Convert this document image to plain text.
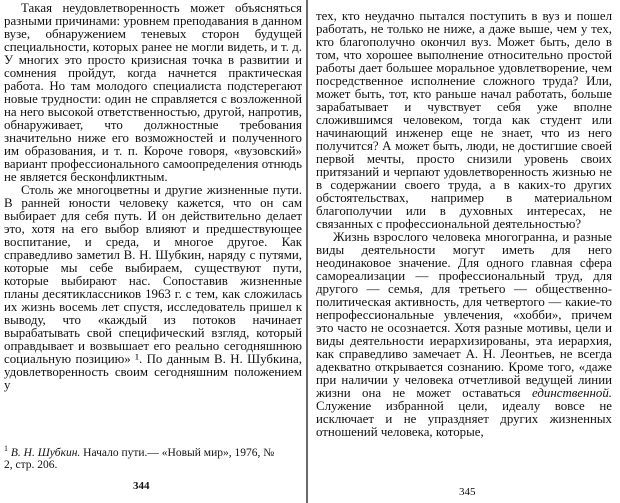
Такая неудовлетворенность может объясняться разными причинами: уровнем преподавания в данном вузе, обнаружением теневых сторон будущей специальности, которых ранее не могли видеть, и т. д. У многих это просто кризисная точка в развитии и сомнения пройдут, когда начнется практическая работа. Но там молодого специалиста подстерегают новые трудности: один не справляется с возложенной на него высокой ответственностью, другой, напротив, обнаруживает, что должностные требования значительно ниже его возможностей и полученного им образования, и т. п. Короче говоря, «вузовский» вариант профессионального самоопределения отнюдь не является бесконфликтным.

Столь же многоцветны и другие жизненные пути. В ранней юности человеку кажется, что он сам выбирает для себя путь. И он действительно делает это, хотя на его выбор влияют и предшествующее воспитание, и среда, и многое другое. Как справедливо заметил В. Н. Шубкин, наряду с путями, которые мы себе выбираем, существуют пути, которые выбирают нас. Сопоставив жизненные планы десятиклассников 1963 г. с тем, как сложилась их жизнь восемь лет спустя, исследователь пришел к выводу, что «каждый из потоков начинает вырабатывать свой специфический взгляд, который оправдывает и возвышает его реально сегодняшнюю социальную позицию» ¹. По данным В. Н. Шубкина, удовлетворенность своим сегодняшним положением у

$^1$ В. Н. Шубкин. Начало пути.— «Новый мир», 1976, № 2, стр. 206.
344

тех, кто неудачно пытался поступить в вуз и пошел работать, не только не ниже, а даже выше, чем у тех, кто благополучно окончил вуз. Может быть, дело в том, что хорошее выполнение относительно простой работы дает большее моральное удовлетворение, чем посредственное исполнение сложного труда? Или, может быть, тот, кто раньше начал работать, больше зарабатывает и чувствует себя уже вполне сложившимся человеком, тогда как студент или начинающий инженер еще не знает, что из него получится? А может быть, люди, не достигшие своей первой мечты, просто снизили уровень своих притязаний и черпают удовлетворенность жизнью не в содержании своего труда, а в каких-то других обстоятельствах, например в материальном благополучии или в духовных интересах, не связанных с профессиональной деятельностью?

Жизнь взрослого человека многогранна, и разные виды деятельности могут иметь для него неодинаковое значение. Для одного главная сфера самореализации — профессиональный труд, для другого — семья, для третьего — общественно-политическая активность, для четвертого — какие-то непрофессиональные увлечения, «хобби», причем это часто не осознается. Хотя разные мотивы, цели и виды деятельности иерархизированы, эта иерархия, как справедливо замечает А. Н. Леонтьев, не всегда адекватно открывается сознанию. Кроме того, «даже при наличии у человека отчетливой ведущей линии жизни она не может оставаться единственной. Служение избранной цели, идеалу вовсе не исключает и не упраздняет других жизненных отношений человека, которые,

345
